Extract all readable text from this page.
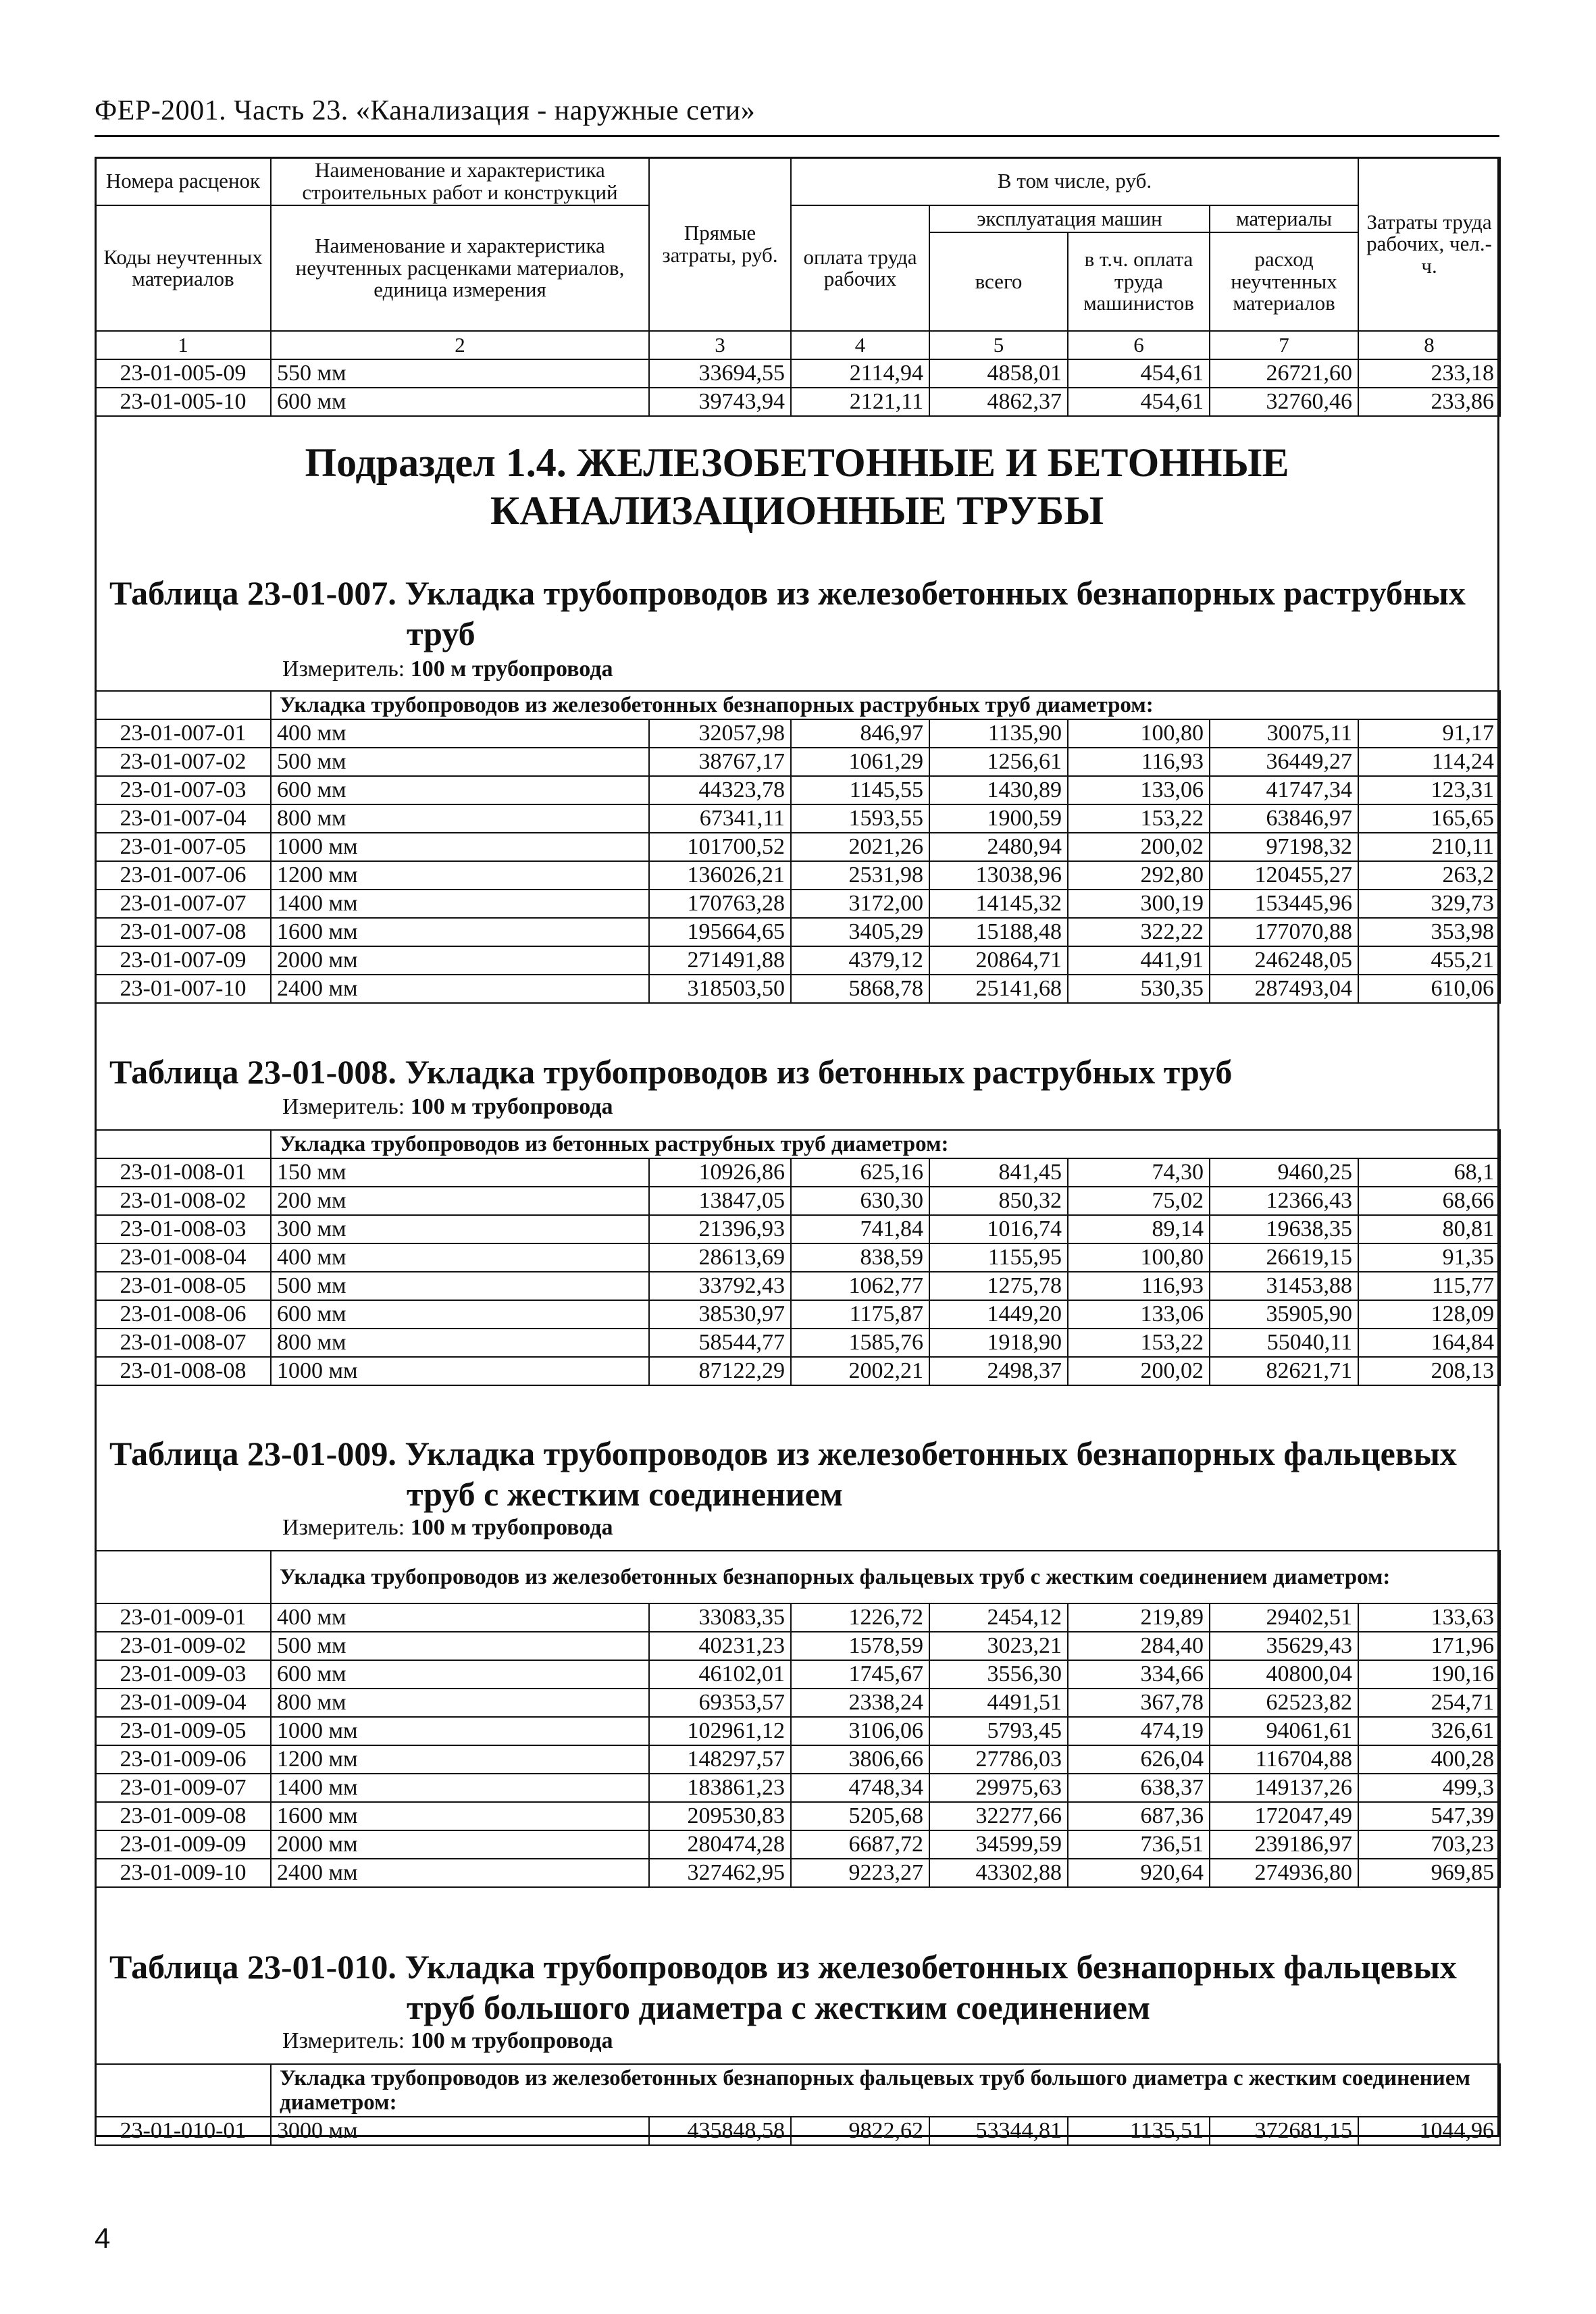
ФЕР-2001. Часть 23. «Канализация - наружные сети»
Номера расценок	Наименование и характеристика строительных работ и конструкций	Прямые затраты, руб.	В том числе, руб.				Затраты труда рабочих, чел.-ч.
Коды неучтенных материалов	Наименование и характеристика неучтенных расценками материалов, единица измерения		оплата труда рабочих	эксплуатация машин		материалы	
				всего	в т.ч. оплата труда машинистов	расход неучтенных материалов	
1	2	3	4	5	6	7	8
23-01-005-09	550 мм	33694,55	2114,94	4858,01	454,61	26721,60	233,18
23-01-005-10	600 мм	39743,94	2121,11	4862,37	454,61	32760,46	233,86
Подраздел 1.4. ЖЕЛЕЗОБЕТОННЫЕ И БЕТОННЫЕ
КАНАЛИЗАЦИОННЫЕ ТРУБЫ
Таблица 23-01-007. Укладка трубопроводов из железобетонных безнапорных раструбных
труб
Измеритель: 100 м трубопровода
	Укладка трубопроводов из железобетонных безнапорных раструбных труб диаметром:						
23-01-007-01	400 мм	32057,98	846,97	1135,90	100,80	30075,11	91,17
23-01-007-02	500 мм	38767,17	1061,29	1256,61	116,93	36449,27	114,24
23-01-007-03	600 мм	44323,78	1145,55	1430,89	133,06	41747,34	123,31
23-01-007-04	800 мм	67341,11	1593,55	1900,59	153,22	63846,97	165,65
23-01-007-05	1000 мм	101700,52	2021,26	2480,94	200,02	97198,32	210,11
23-01-007-06	1200 мм	136026,21	2531,98	13038,96	292,80	120455,27	263,2
23-01-007-07	1400 мм	170763,28	3172,00	14145,32	300,19	153445,96	329,73
23-01-007-08	1600 мм	195664,65	3405,29	15188,48	322,22	177070,88	353,98
23-01-007-09	2000 мм	271491,88	4379,12	20864,71	441,91	246248,05	455,21
23-01-007-10	2400 мм	318503,50	5868,78	25141,68	530,35	287493,04	610,06
Таблица 23-01-008. Укладка трубопроводов из бетонных раструбных труб
Измеритель: 100 м трубопровода
	Укладка трубопроводов из бетонных раструбных труб диаметром:						
23-01-008-01	150 мм	10926,86	625,16	841,45	74,30	9460,25	68,1
23-01-008-02	200 мм	13847,05	630,30	850,32	75,02	12366,43	68,66
23-01-008-03	300 мм	21396,93	741,84	1016,74	89,14	19638,35	80,81
23-01-008-04	400 мм	28613,69	838,59	1155,95	100,80	26619,15	91,35
23-01-008-05	500 мм	33792,43	1062,77	1275,78	116,93	31453,88	115,77
23-01-008-06	600 мм	38530,97	1175,87	1449,20	133,06	35905,90	128,09
23-01-008-07	800 мм	58544,77	1585,76	1918,90	153,22	55040,11	164,84
23-01-008-08	1000 мм	87122,29	2002,21	2498,37	200,02	82621,71	208,13
Таблица 23-01-009. Укладка трубопроводов из железобетонных безнапорных фальцевых
труб с жестким соединением
Измеритель: 100 м трубопровода
	Укладка трубопроводов из железобетонных безнапорных фальцевых труб с жестким соединением диаметром:						
23-01-009-01	400 мм	33083,35	1226,72	2454,12	219,89	29402,51	133,63
23-01-009-02	500 мм	40231,23	1578,59	3023,21	284,40	35629,43	171,96
23-01-009-03	600 мм	46102,01	1745,67	3556,30	334,66	40800,04	190,16
23-01-009-04	800 мм	69353,57	2338,24	4491,51	367,78	62523,82	254,71
23-01-009-05	1000 мм	102961,12	3106,06	5793,45	474,19	94061,61	326,61
23-01-009-06	1200 мм	148297,57	3806,66	27786,03	626,04	116704,88	400,28
23-01-009-07	1400 мм	183861,23	4748,34	29975,63	638,37	149137,26	499,3
23-01-009-08	1600 мм	209530,83	5205,68	32277,66	687,36	172047,49	547,39
23-01-009-09	2000 мм	280474,28	6687,72	34599,59	736,51	239186,97	703,23
23-01-009-10	2400 мм	327462,95	9223,27	43302,88	920,64	274936,80	969,85
Таблица 23-01-010. Укладка трубопроводов из железобетонных безнапорных фальцевых
труб большого диаметра с жестким соединением
Измеритель: 100 м трубопровода
	Укладка трубопроводов из железобетонных безнапорных фальцевых труб большого диаметра с жестким соединением диаметром:						
23-01-010-01	3000 мм	435848,58	9822,62	53344,81	1135,51	372681,15	1044,96
4
